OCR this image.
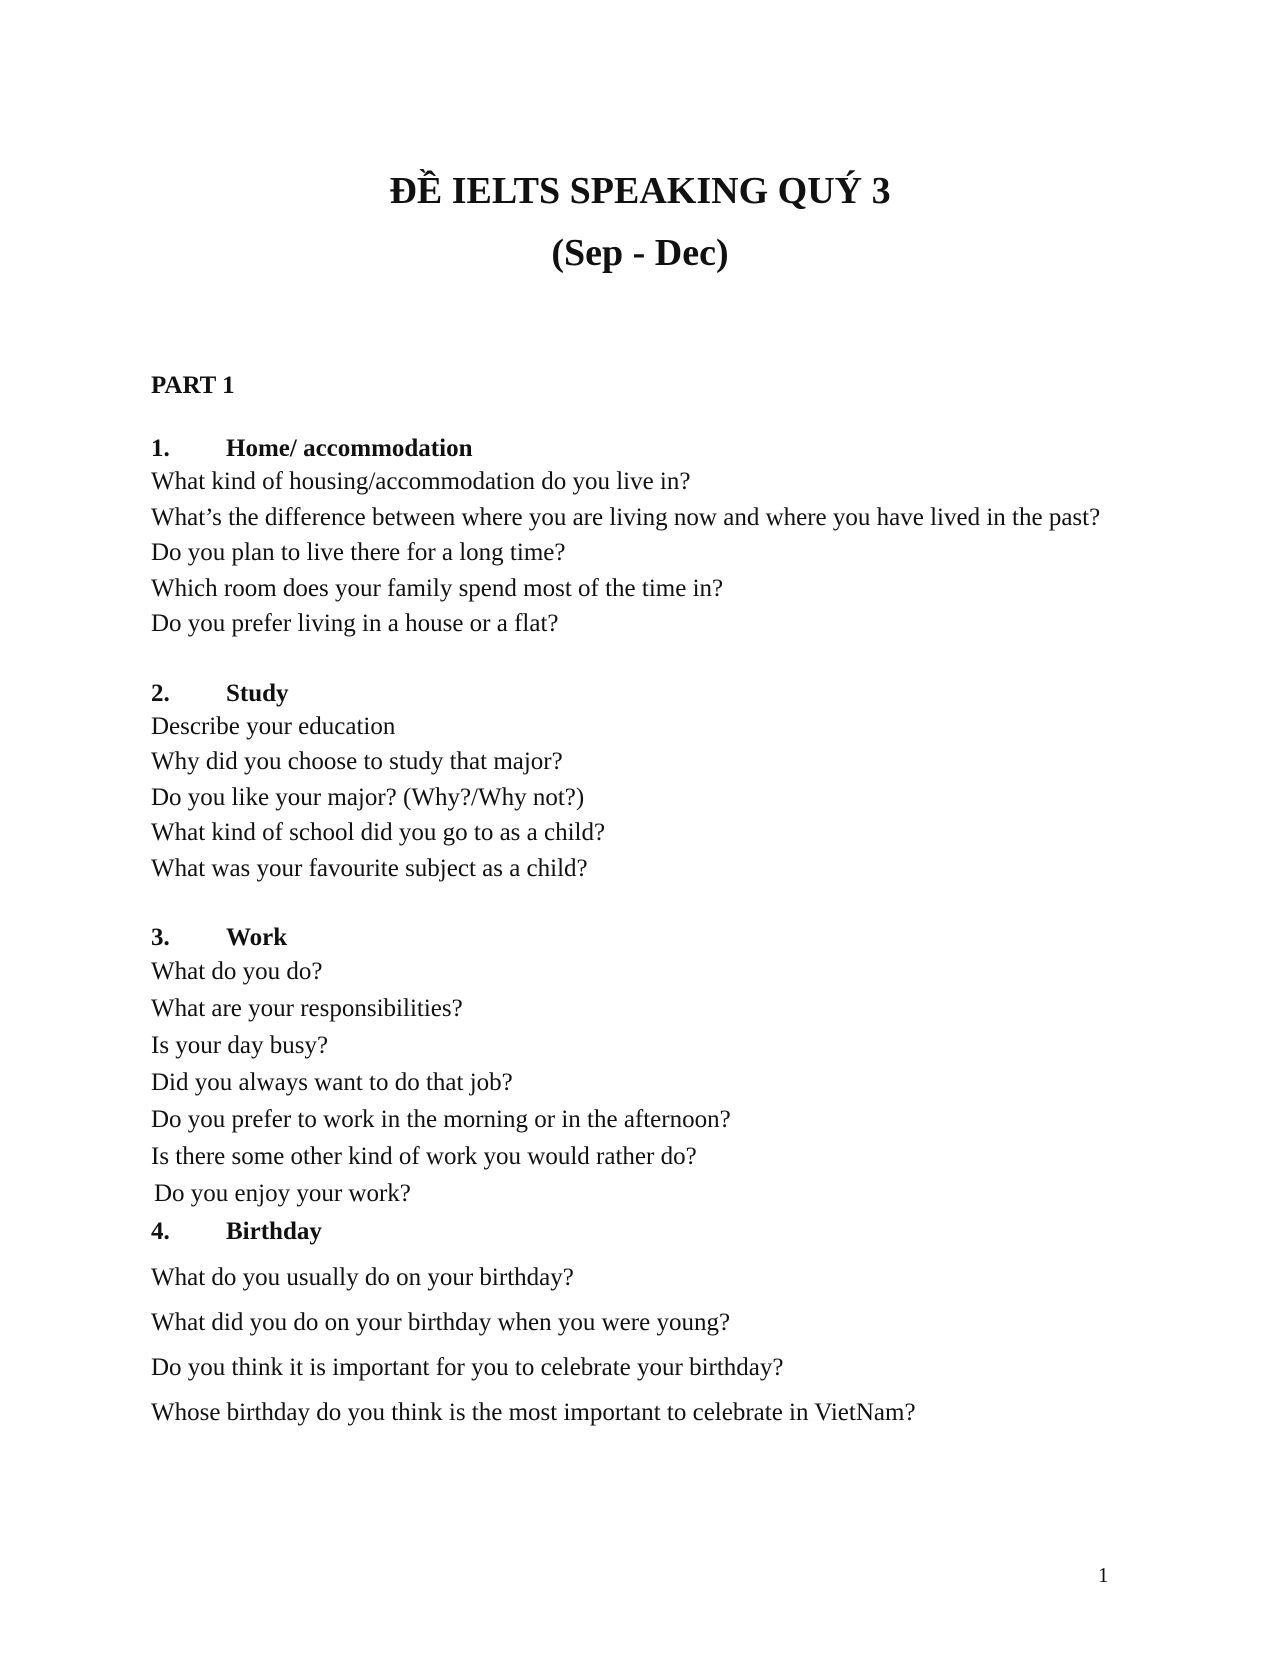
ĐỀ IELTS SPEAKING QUÝ 3

(Sep - Dec)

PART 1

1.	Home/ accommodation

What kind of housing/accommodation do you live in?

What’s the difference between where you are living now and where you have lived in the past?

Do you plan to live there for a long time?

Which room does your family spend most of the time in?

Do you prefer living in a house or a flat?

2.	Study

Describe your education

Why did you choose to study that major?

Do you like your major? (Why?/Why not?)

What kind of school did you go to as a child?

What was your favourite subject as a child?

3.	Work

What do you do?

What are your responsibilities?

Is your day busy?

Did you always want to do that job?

Do you prefer to work in the morning or in the afternoon?

Is there some other kind of work you would rather do?

Do you enjoy your work?

4.	Birthday

What do you usually do on your birthday?

What did you do on your birthday when you were young?

Do you think it is important for you to celebrate your birthday?

Whose birthday do you think is the most important to celebrate in VietNam?

1
